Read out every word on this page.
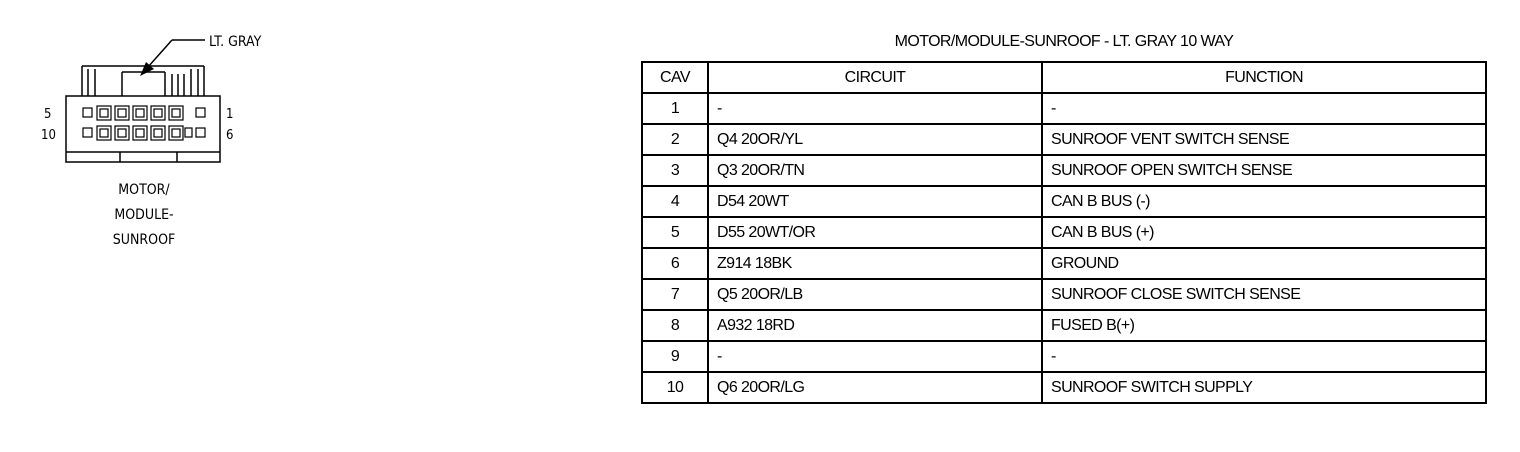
LT. GRAY
5
10
1
6
MOTOR/
MODULE-
SUNROOF
MOTOR/MODULE-SUNROOF - LT. GRAY 10 WAY
CAV	CIRCUIT	FUNCTION
1	-	-
2	Q4 20OR/YL	SUNROOF VENT SWITCH SENSE
3	Q3 20OR/TN	SUNROOF OPEN SWITCH SENSE
4	D54 20WT	CAN B BUS (-)
5	D55 20WT/OR	CAN B BUS (+)
6	Z914 18BK	GROUND
7	Q5 20OR/LB	SUNROOF CLOSE SWITCH SENSE
8	A932 18RD	FUSED B(+)
9	-	-
10	Q6 20OR/LG	SUNROOF SWITCH SUPPLY
